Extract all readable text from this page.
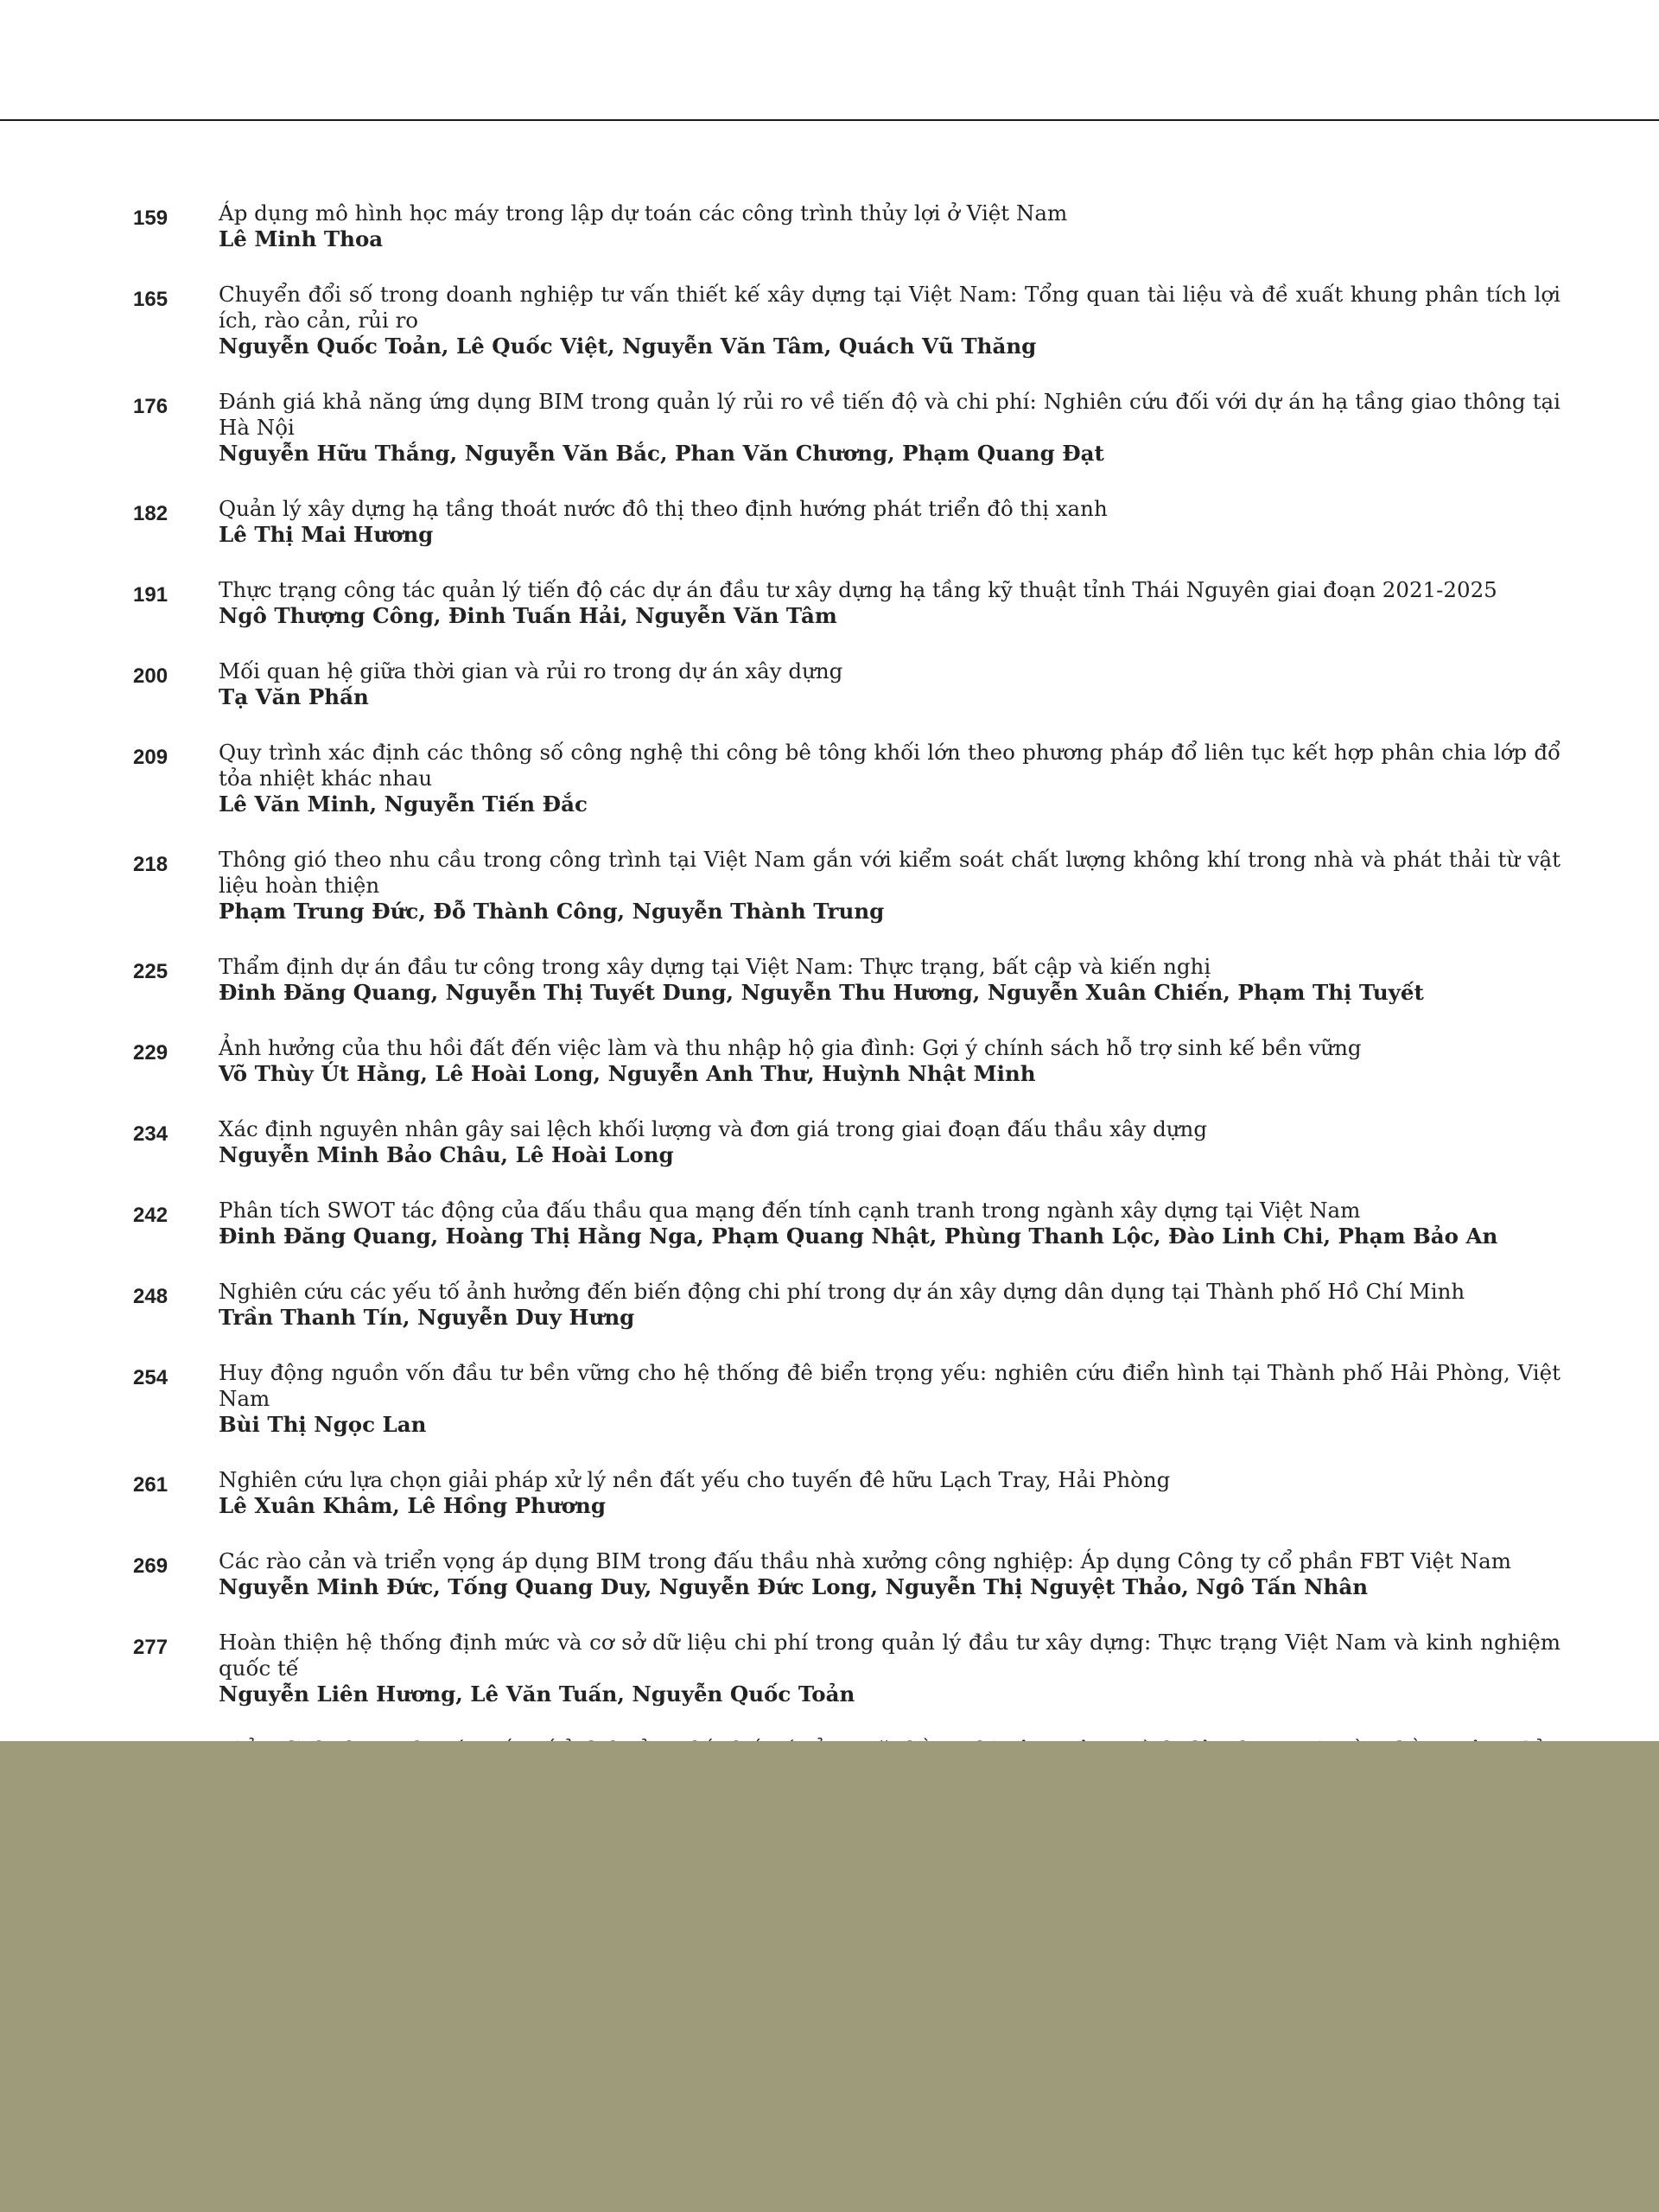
159	Áp dụng mô hình học máy trong lập dự toán các công trình thủy lợi ở Việt Nam
Lê Minh Thoa
165	Chuyển đổi số trong doanh nghiệp tư vấn thiết kế xây dựng tại Việt Nam: Tổng quan tài liệu và đề xuất khung phân tích lợi ích, rào cản, rủi ro
Nguyễn Quốc Toản, Lê Quốc Việt, Nguyễn Văn Tâm, Quách Vũ Thăng
176	Đánh giá khả năng ứng dụng BIM trong quản lý rủi ro về tiến độ và chi phí: Nghiên cứu đối với dự án hạ tầng giao thông tại Hà Nội
Nguyễn Hữu Thắng, Nguyễn Văn Bắc, Phan Văn Chương, Phạm Quang Đạt
182	Quản lý xây dựng hạ tầng thoát nước đô thị theo định hướng phát triển đô thị xanh
Lê Thị Mai Hương
191	Thực trạng công tác quản lý tiến độ các dự án đầu tư xây dựng hạ tầng kỹ thuật tỉnh Thái Nguyên giai đoạn 2021-2025
Ngô Thượng Công, Đinh Tuấn Hải, Nguyễn Văn Tâm
200	Mối quan hệ giữa thời gian và rủi ro trong dự án xây dựng
Tạ Văn Phấn
209	Quy trình xác định các thông số công nghệ thi công bê tông khối lớn theo phương pháp đổ liên tục kết hợp phân chia lớp đổ tỏa nhiệt khác nhau
Lê Văn Minh, Nguyễn Tiến Đắc
218	Thông gió theo nhu cầu trong công trình tại Việt Nam gắn với kiểm soát chất lượng không khí trong nhà và phát thải từ vật liệu hoàn thiện
Phạm Trung Đức, Đỗ Thành Công, Nguyễn Thành Trung
225	Thẩm định dự án đầu tư công trong xây dựng tại Việt Nam: Thực trạng, bất cập và kiến nghị
Đinh Đăng Quang, Nguyễn Thị Tuyết Dung, Nguyễn Thu Hương, Nguyễn Xuân Chiến, Phạm Thị Tuyết
229	Ảnh hưởng của thu hồi đất đến việc làm và thu nhập hộ gia đình: Gợi ý chính sách hỗ trợ sinh kế bền vững
Võ Thùy Út Hằng, Lê Hoài Long, Nguyễn Anh Thư, Huỳnh Nhật Minh
234	Xác định nguyên nhân gây sai lệch khối lượng và đơn giá trong giai đoạn đấu thầu xây dựng
Nguyễn Minh Bảo Châu, Lê Hoài Long
242	Phân tích SWOT tác động của đấu thầu qua mạng đến tính cạnh tranh trong ngành xây dựng tại Việt Nam
Đinh Đăng Quang, Hoàng Thị Hằng Nga, Phạm Quang Nhật, Phùng Thanh Lộc, Đào Linh Chi, Phạm Bảo An
248	Nghiên cứu các yếu tố ảnh hưởng đến biến động chi phí trong dự án xây dựng dân dụng tại Thành phố Hồ Chí Minh
Trần Thanh Tín, Nguyễn Duy Hưng
254	Huy động nguồn vốn đầu tư bền vững cho hệ thống đê biển trọng yếu: nghiên cứu điển hình tại Thành phố Hải Phòng, Việt Nam
Bùi Thị Ngọc Lan
261	Nghiên cứu lựa chọn giải pháp xử lý nền đất yếu cho tuyến đê hữu Lạch Tray, Hải Phòng
Lê Xuân Khâm, Lê Hồng Phương
269	Các rào cản và triển vọng áp dụng BIM trong đấu thầu nhà xưởng công nghiệp: Áp dụng Công ty cổ phần FBT Việt Nam
Nguyễn Minh Đức, Tống Quang Duy, Nguyễn Đức Long, Nguyễn Thị Nguyệt Thảo, Ngô Tấn Nhân
277	Hoàn thiện hệ thống định mức và cơ sở dữ liệu chi phí trong quản lý đầu tư xây dựng: Thực trạng Việt Nam và kinh nghiệm quốc tế
Nguyễn Liên Hương, Lê Văn Tuấn, Nguyễn Quốc Toản
